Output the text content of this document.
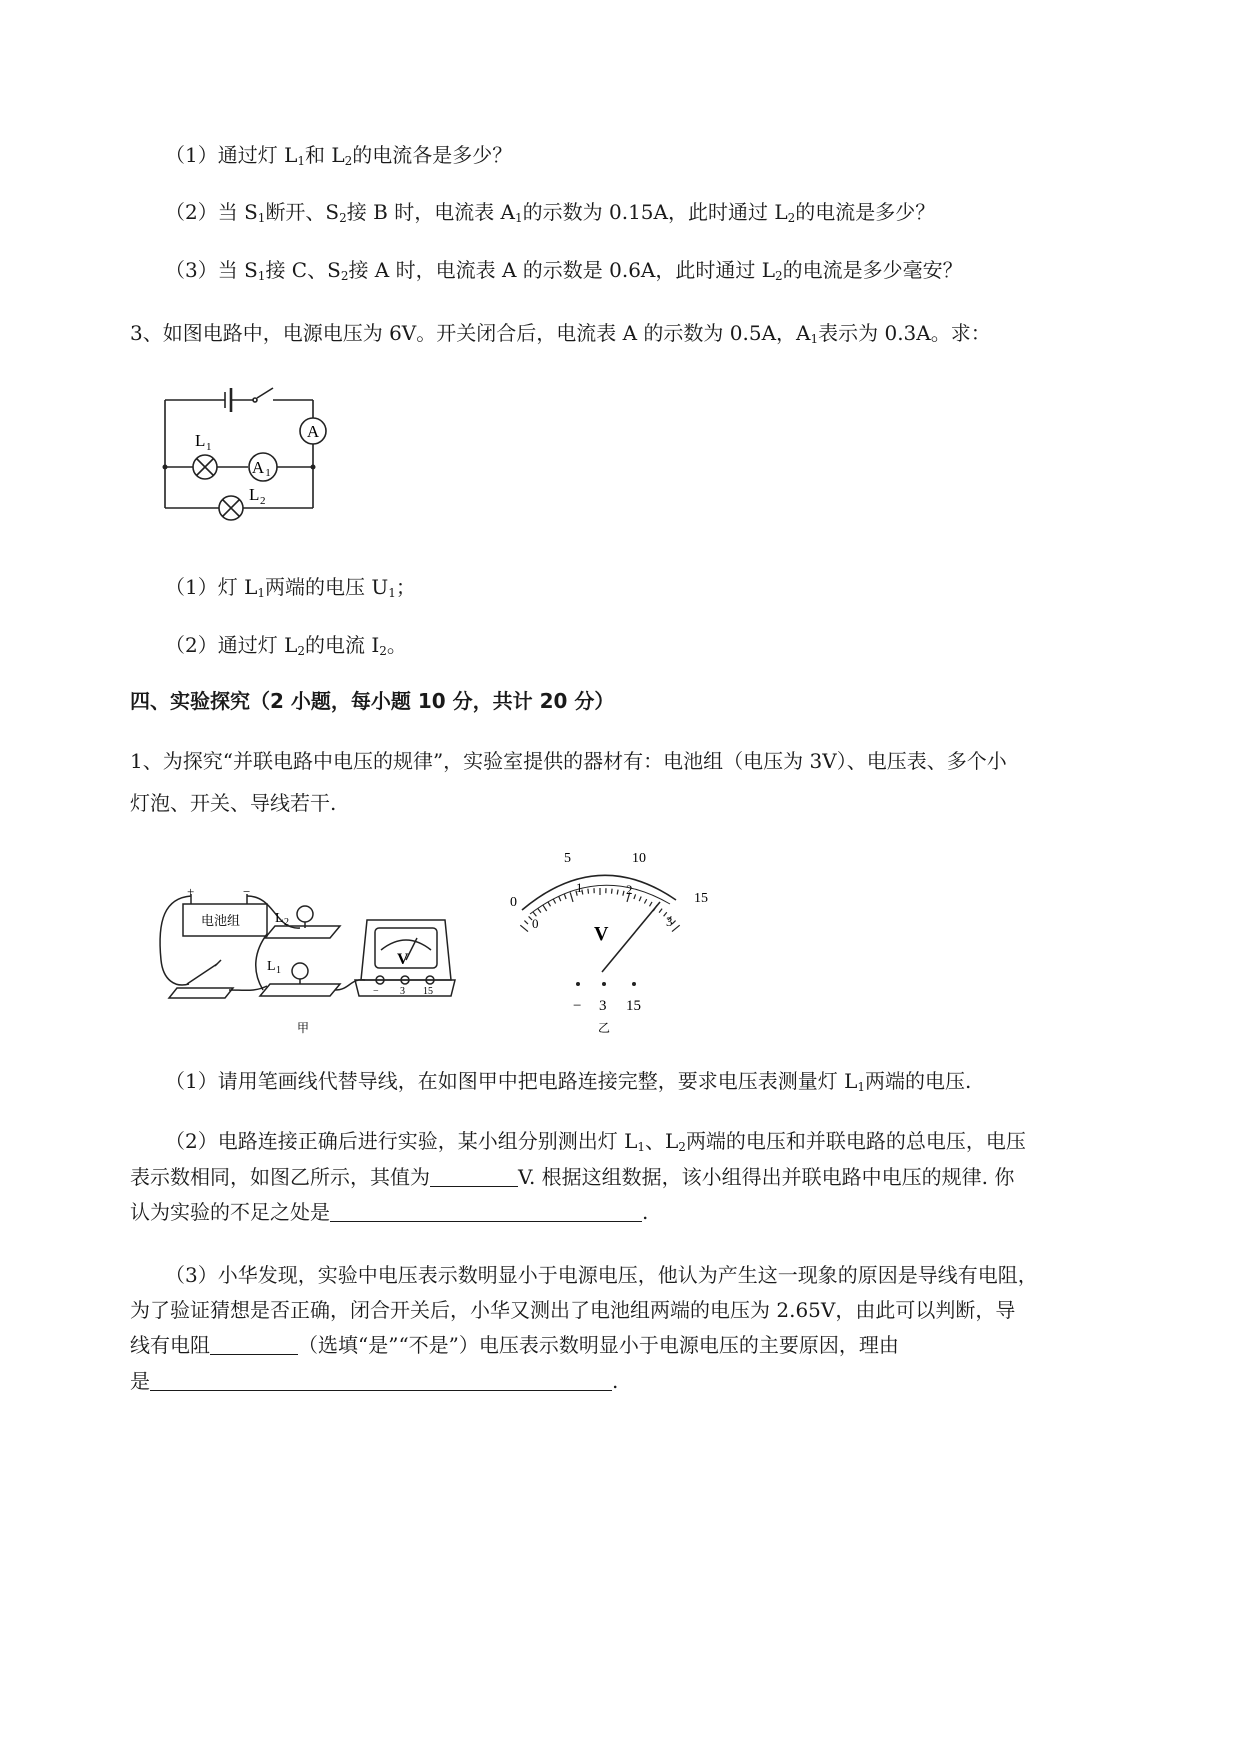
（1）通过灯 $L_1$和 $L_2$的电流各是多少？
（2）当 $S_1$断开、$S_2$接 B 时，电流表 $A_1$的示数为 0.15A，此时通过 $L_2$的电流是多少？
（3）当 $S_1$接 C、$S_2$接 A 时，电流表 A 的示数是 0.6A，此时通过 $L_2$的电流是多少毫安？
3、如图电路中，电源电压为 6V。开关闭合后，电流表 A 的示数为 0.5A，$A_1$表示为 0.3A。求：
A
A 1
L 1
L 2
（1）灯 $L_1$两端的电压 $U_1$；
（2）通过灯 $L_2$的电流 $I_2$。
四、实验探究（2 小题，每小题 10 分，共计 20 分）
1、为探究“并联电路中电压的规律”，实验室提供的器材有：电池组（电压为 3V）、电压表、多个小
灯泡、开关、导线若干.
+	−
电池组 L 2
L 1
V
− 3 15
甲
0
5	10
15
0
1	2
3
V
− 3 15
乙
（1）请用笔画线代替导线，在如图甲中把电路连接完整，要求电压表测量灯 $L_1$两端的电压.
（2）电路连接正确后进行实验，某小组分别测出灯 $L_1$、$L_2$两端的电压和并联电路的总电压，电压
表示数相同，如图乙所示，其值为	V. 根据这组数据，该小组得出并联电路中电压的规律. 你
认为实验的不足之处是	.
（3）小华发现，实验中电压表示数明显小于电源电压，他认为产生这一现象的原因是导线有电阻，
为了验证猜想是否正确，闭合开关后，小华又测出了电池组两端的电压为 2.65V，由此可以判断，导
线有电阻	（选填“是”“不是”）电压表示数明显小于电源电压的主要原因，理由
是	.
